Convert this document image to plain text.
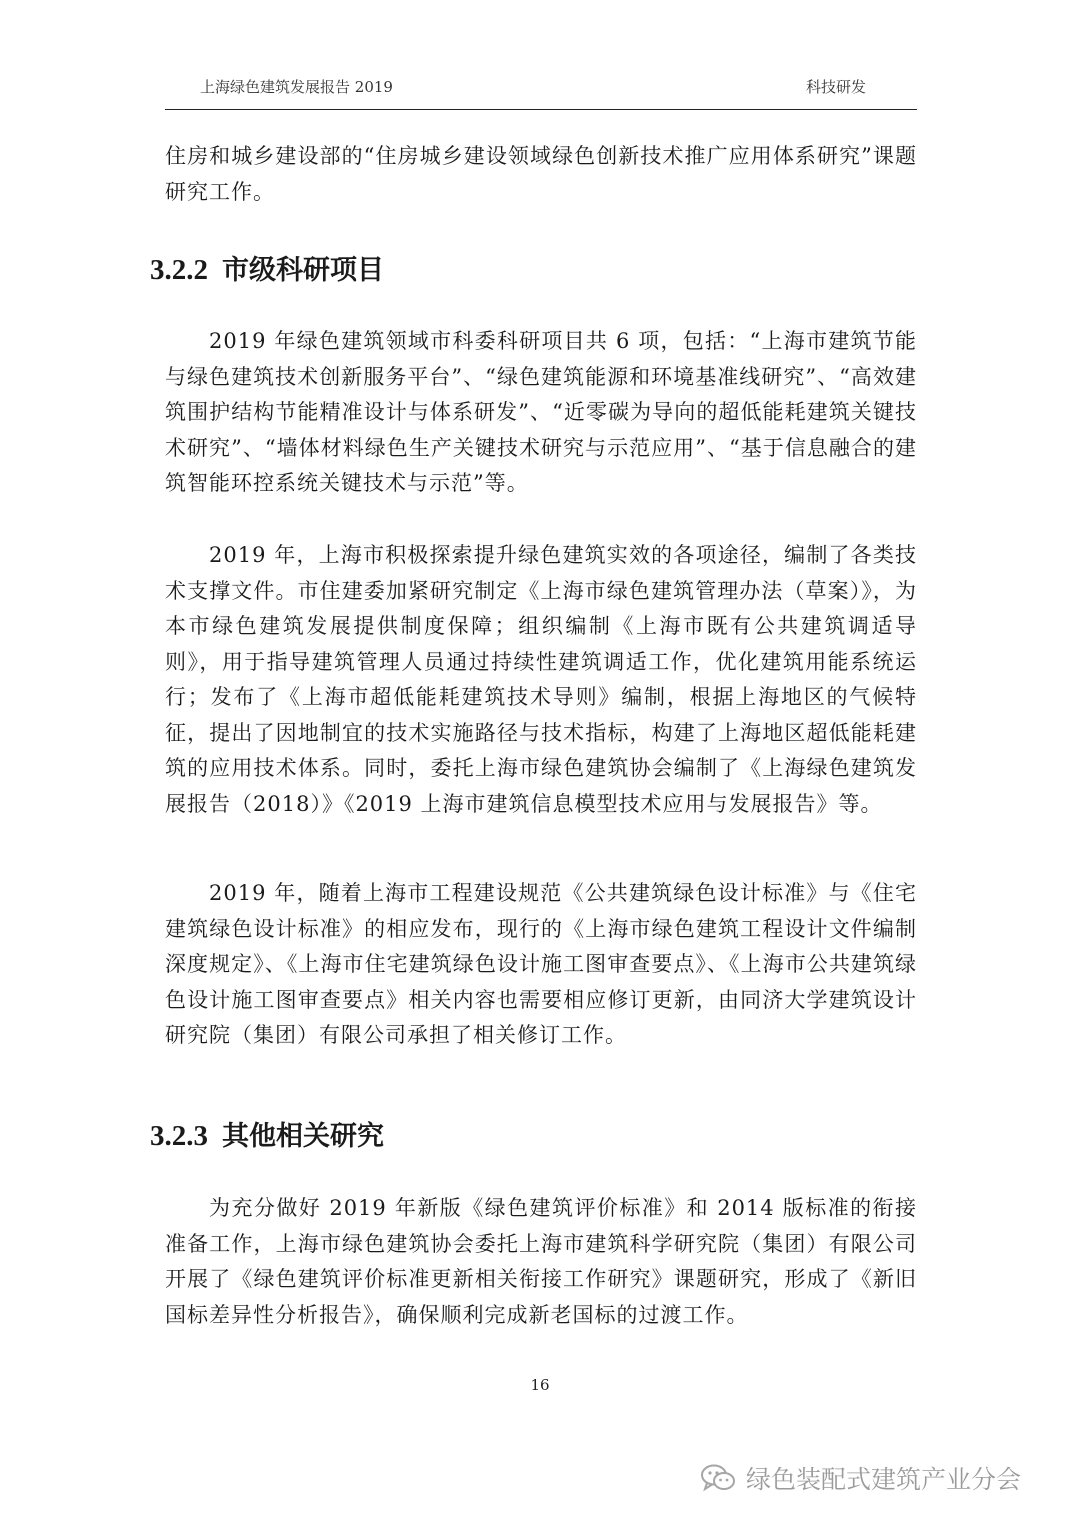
上海绿色建筑发展报告 2019	科技研发

住房和城乡建设部的“住房城乡建设领域绿色创新技术推广应用体系研究”课题研究工作。

3.2.2 市级科研项目

2019 年绿色建筑领域市科委科研项目共 6 项，包括：“上海市建筑节能与绿色建筑技术创新服务平台”、“绿色建筑能源和环境基准线研究”、“高效建筑围护结构节能精准设计与体系研发”、“近零碳为导向的超低能耗建筑关键技术研究”、“墙体材料绿色生产关键技术研究与示范应用”、“基于信息融合的建筑智能环控系统关键技术与示范”等。

2019 年，上海市积极探索提升绿色建筑实效的各项途径，编制了各类技术支撑文件。市住建委加紧研究制定《上海市绿色建筑管理办法（草案）》，为本市绿色建筑发展提供制度保障；组织编制《上海市既有公共建筑调适导则》，用于指导建筑管理人员通过持续性建筑调适工作，优化建筑用能系统运行；发布了《上海市超低能耗建筑技术导则》编制，根据上海地区的气候特征，提出了因地制宜的技术实施路径与技术指标，构建了上海地区超低能耗建筑的应用技术体系。同时，委托上海市绿色建筑协会编制了《上海绿色建筑发展报告（2018）》《2019 上海市建筑信息模型技术应用与发展报告》等。

2019 年，随着上海市工程建设规范《公共建筑绿色设计标准》与《住宅建筑绿色设计标准》的相应发布，现行的《上海市绿色建筑工程设计文件编制深度规定》、《上海市住宅建筑绿色设计施工图审查要点》、《上海市公共建筑绿色设计施工图审查要点》相关内容也需要相应修订更新，由同济大学建筑设计研究院（集团）有限公司承担了相关修订工作。

3.2.3 其他相关研究

为充分做好 2019 年新版《绿色建筑评价标准》和 2014 版标准的衔接准备工作，上海市绿色建筑协会委托上海市建筑科学研究院（集团）有限公司开展了《绿色建筑评价标准更新相关衔接工作研究》课题研究，形成了《新旧国标差异性分析报告》，确保顺利完成新老国标的过渡工作。

16
绿色装配式建筑产业分会
